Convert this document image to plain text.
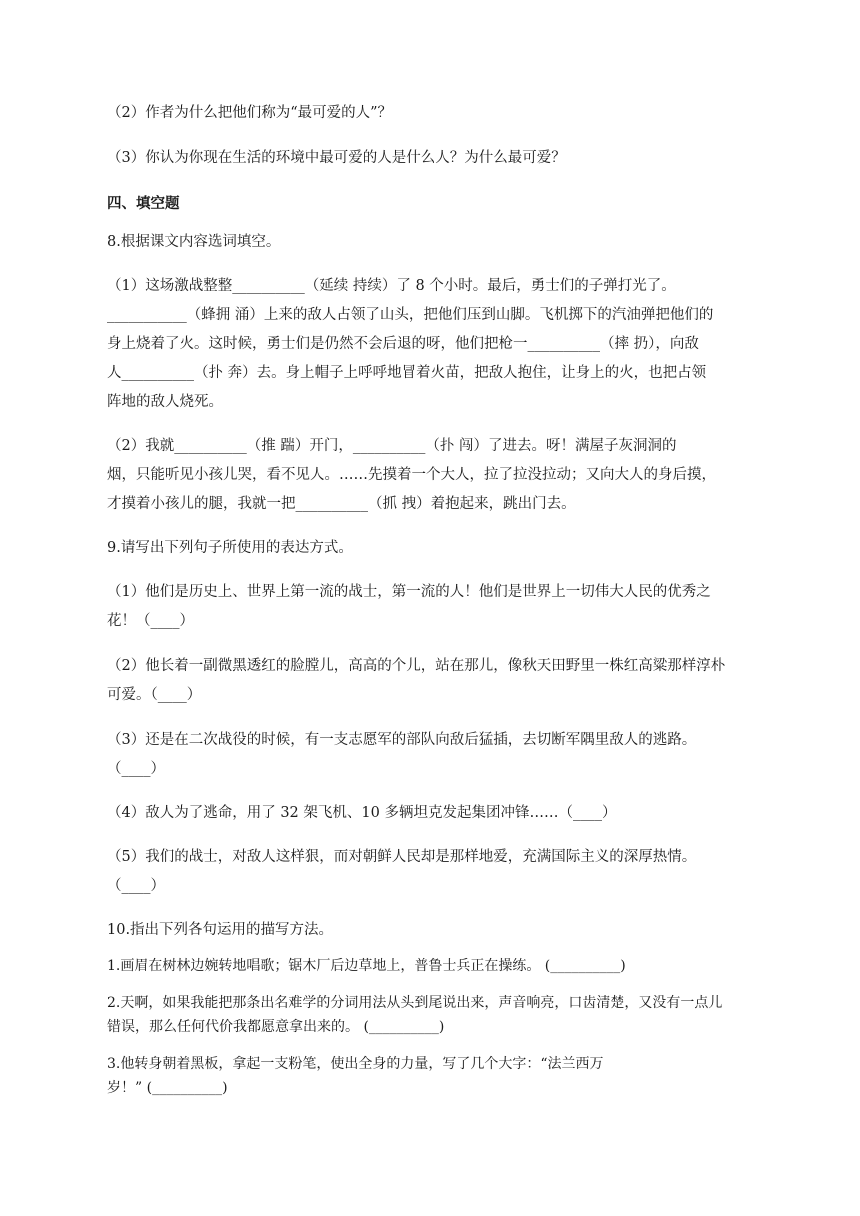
（2）作者为什么把他们称为“最可爱的人”？
（3）你认为你现在生活的环境中最可爱的人是什么人？为什么最可爱？
四、填空题
8.根据课文内容选词填空。
（1）这场激战整整__________（延续 持续）了 8 个小时。最后，勇士们的子弹打光了。
___________（蜂拥 涌）上来的敌人占领了山头，把他们压到山脚。飞机掷下的汽油弹把他们的
身上烧着了火。这时候，勇士们是仍然不会后退的呀，他们把枪一__________（摔 扔），向敌
人__________（扑 奔）去。身上帽子上呼呼地冒着火苗，把敌人抱住，让身上的火，也把占领
阵地的敌人烧死。
（2）我就__________（推 踹）开门，__________（扑 闯）了进去。呀！满屋子灰洞洞的
烟，只能听见小孩儿哭，看不见人。……先摸着一个大人，拉了拉没拉动；又向大人的身后摸，
才摸着小孩儿的腿，我就一把__________（抓 拽）着抱起来，跳出门去。
9.请写出下列句子所使用的表达方式。
（1）他们是历史上、世界上第一流的战士，第一流的人！他们是世界上一切伟大人民的优秀之
花！（____）
（2）他长着一副微黑透红的脸膛儿，高高的个儿，站在那儿，像秋天田野里一株红高粱那样淳朴
可爱。（____）
（3）还是在二次战役的时候，有一支志愿军的部队向敌后猛插，去切断军隅里敌人的逃路。
（____）
（4）敌人为了逃命，用了 32 架飞机、10 多辆坦克发起集团冲锋……（____）
（5）我们的战士，对敌人这样狠，而对朝鲜人民却是那样地爱，充满国际主义的深厚热情。
（____）
10.指出下列各句运用的描写方法。
1.画眉在树林边婉转地唱歌；锯木厂后边草地上，普鲁士兵正在操练。 (__________)
2.天啊，如果我能把那条出名难学的分词用法从头到尾说出来，声音响亮，口齿清楚，又没有一点儿
错误，那么任何代价我都愿意拿出来的。 (__________)
3.他转身朝着黑板，拿起一支粉笔，使出全身的力量，写了几个大字：“法兰西万
岁！” (__________)
